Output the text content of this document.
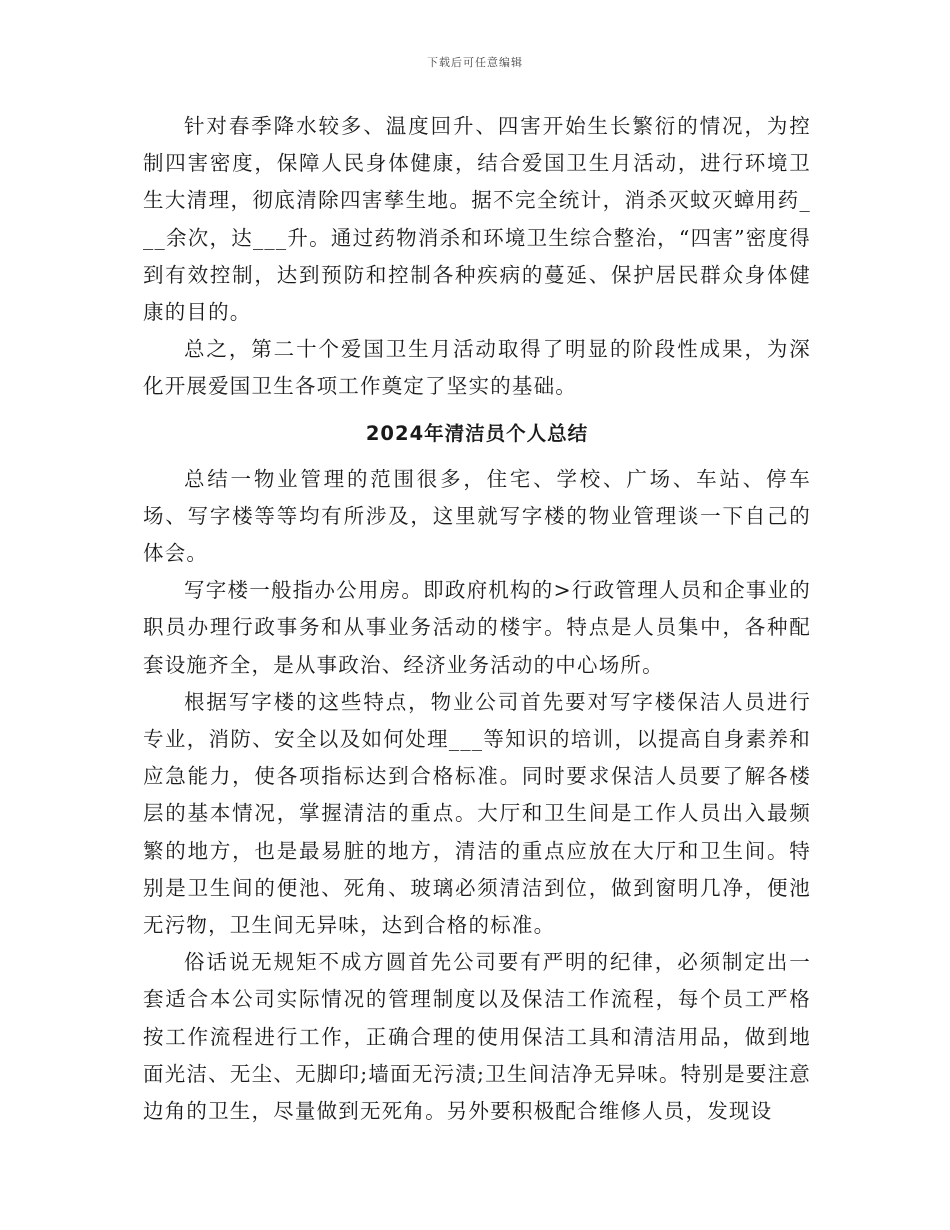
下载后可任意编辑

针对春季降水较多、温度回升、四害开始生长繁衍的情况，为控制四害密度，保障人民身体健康，结合爱国卫生月活动，进行环境卫生大清理，彻底清除四害孳生地。据不完全统计，消杀灭蚊灭蟑用药___余次，达___升。通过药物消杀和环境卫生综合整治，“四害”密度得到有效控制，达到预防和控制各种疾病的蔓延、保护居民群众身体健康的目的。

总之，第二十个爱国卫生月活动取得了明显的阶段性成果，为深化开展爱国卫生各项工作奠定了坚实的基础。

2024年清洁员个人总结

总结一物业管理的范围很多，住宅、学校、广场、车站、停车场、写字楼等等均有所涉及，这里就写字楼的物业管理谈一下自己的体会。

写字楼一般指办公用房。即政府机构的>行政管理人员和企事业的职员办理行政事务和从事业务活动的楼宇。特点是人员集中，各种配套设施齐全，是从事政治、经济业务活动的中心场所。

根据写字楼的这些特点，物业公司首先要对写字楼保洁人员进行专业，消防、安全以及如何处理___等知识的培训，以提高自身素养和应急能力，使各项指标达到合格标准。同时要求保洁人员要了解各楼层的基本情况，掌握清洁的重点。大厅和卫生间是工作人员出入最频繁的地方，也是最易脏的地方，清洁的重点应放在大厅和卫生间。特别是卫生间的便池、死角、玻璃必须清洁到位，做到窗明几净，便池无污物，卫生间无异味，达到合格的标准。

俗话说无规矩不成方圆首先公司要有严明的纪律，必须制定出一套适合本公司实际情况的管理制度以及保洁工作流程，每个员工严格按工作流程进行工作，正确合理的使用保洁工具和清洁用品，做到地面光洁、无尘、无脚印;墙面无污渍;卫生间洁净无异味。特别是要注意边角的卫生，尽量做到无死角。另外要积极配合维修人员，发现设
